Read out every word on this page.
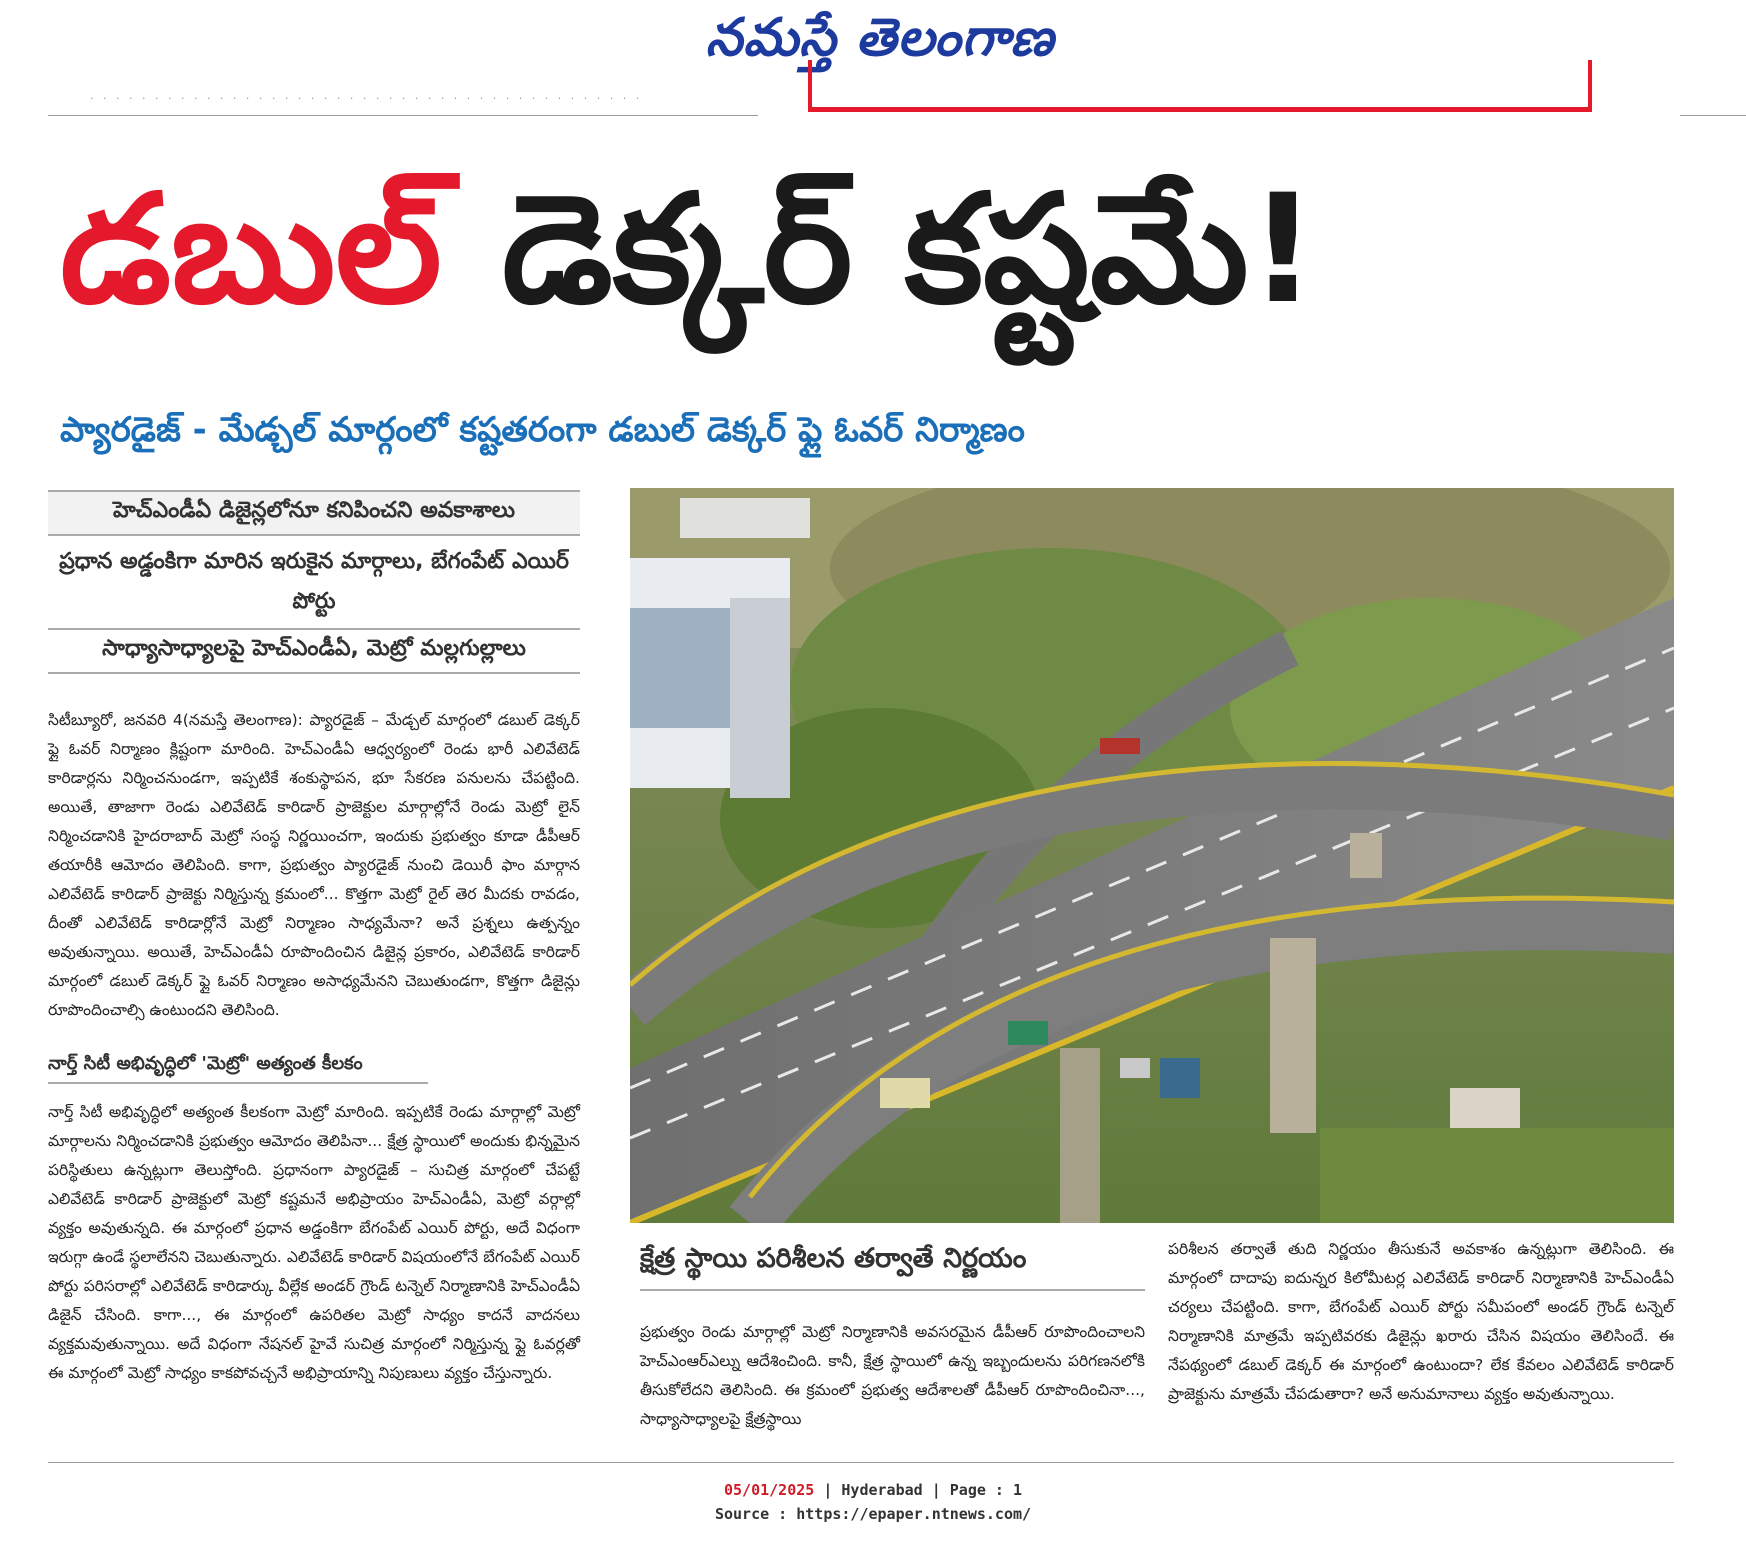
నమస్తే తెలంగాణ
· · · · · · · · · · · · · · · · · · · · · · · · · · · · · · · · · · · · · · · · · · ·
డబుల్ డెక్కర్ కష్టమే!
ప్యారడైజ్ - మేడ్చల్ మార్గంలో కష్టతరంగా డబుల్ డెక్కర్ ఫ్లై ఓవర్ నిర్మాణం
హెచ్ఎండీఏ డిజైన్లలోనూ కనిపించని అవకాశాలు
ప్రధాన అడ్డంకిగా మారిన ఇరుకైన మార్గాలు, బేగంపేట్ ఎయిర్ పోర్టు
సాధ్యాసాధ్యాలపై హెచ్ఎండీఏ, మెట్రో మల్లగుల్లాలు
సిటీబ్యూరో, జనవరి 4(నమస్తే తెలంగాణ): ప్యారడైజ్ – మేడ్చల్ మార్గంలో డబుల్ డెక్కర్ ఫ్లై ఓవర్ నిర్మాణం క్లిష్టంగా మారింది. హెచ్ఎండీఏ ఆధ్వర్యంలో రెండు భారీ ఎలివేటెడ్ కారిడార్లను నిర్మించనుండగా, ఇప్పటికే శంకుస్థాపన, భూ సేకరణ పనులను చేపట్టింది. అయితే, తాజాగా రెండు ఎలివేటెడ్ కారిడార్ ప్రాజెక్టుల మార్గాల్లోనే రెండు మెట్రో లైన్ నిర్మించడానికి హైదరాబాద్ మెట్రో సంస్థ నిర్ణయించగా, ఇందుకు ప్రభుత్వం కూడా డీపీఆర్ తయారీకి ఆమోదం తెలిపింది. కాగా, ప్రభుత్వం ప్యారడైజ్ నుంచి డెయిరీ ఫాం మార్గాన ఎలివేటెడ్ కారిడార్ ప్రాజెక్టు నిర్మిస్తున్న క్రమంలో... కొత్తగా మెట్రో రైల్ తెర మీదకు రావడం, దీంతో ఎలివేటెడ్ కారిడార్లోనే మెట్రో నిర్మాణం సాధ్యమేనా? అనే ప్రశ్నలు ఉత్పన్నం అవుతున్నాయి. అయితే, హెచ్ఎండీఏ రూపొందించిన డిజైన్ల ప్రకారం, ఎలివేటెడ్ కారిడార్ మార్గంలో డబుల్ డెక్కర్ ఫ్లై ఓవర్ నిర్మాణం అసాధ్యమేనని చెబుతుండగా, కొత్తగా డిజైన్లు రూపొందించాల్సి ఉంటుందని తెలిసింది.
నార్త్ సిటీ అభివృద్ధిలో 'మెట్రో' అత్యంత కీలకం
నార్త్ సిటీ అభివృద్ధిలో అత్యంత కీలకంగా మెట్రో మారింది. ఇప్పటికే రెండు మార్గాల్లో మెట్రో మార్గాలను నిర్మించడానికి ప్రభుత్వం ఆమోదం తెలిపినా... క్షేత్ర స్థాయిలో అందుకు భిన్నమైన పరిస్థితులు ఉన్నట్లుగా తెలుస్తోంది. ప్రధానంగా ప్యారడైజ్ – సుచిత్ర మార్గంలో చేపట్టే ఎలివేటెడ్ కారిడార్ ప్రాజెక్టులో మెట్రో కష్టమనే అభిప్రాయం హెచ్ఎండీఏ, మెట్రో వర్గాల్లో వ్యక్తం అవుతున్నది. ఈ మార్గంలో ప్రధాన అడ్డంకిగా బేగంపేట్ ఎయిర్ పోర్టు, అదే విధంగా ఇరుగ్గా ఉండే స్థలాలేనని చెబుతున్నారు. ఎలివేటెడ్ కారిడార్ విషయంలోనే బేగంపేట్ ఎయిర్ పోర్టు పరిసరాల్లో ఎలివేటెడ్ కారిడార్కు వీల్లేక అండర్ గ్రౌండ్ టన్నెల్ నిర్మాణానికి హెచ్ఎండీఏ డిజైన్ చేసింది. కాగా..., ఈ మార్గంలో ఉపరితల మెట్రో సాధ్యం కాదనే వాదనలు వ్యక్తమవుతున్నాయి. అదే విధంగా నేషనల్ హైవే సుచిత్ర మార్గంలో నిర్మిస్తున్న ఫ్లై ఓవర్లతో ఈ మార్గంలో మెట్రో సాధ్యం కాకపోవచ్చనే అభిప్రాయాన్ని నిపుణులు వ్యక్తం చేస్తున్నారు.
క్షేత్ర స్థాయి పరిశీలన తర్వాతే నిర్ణయం
ప్రభుత్వం రెండు మార్గాల్లో మెట్రో నిర్మాణానికి అవసరమైన డీపీఆర్ రూపొందించాలని హెచ్ఎంఆర్ఎల్ను ఆదేశించింది. కానీ, క్షేత్ర స్థాయిలో ఉన్న ఇబ్బందులను పరిగణనలోకి తీసుకోలేదని తెలిసింది. ఈ క్రమంలో ప్రభుత్వ ఆదేశాలతో డీపీఆర్ రూపొందించినా..., సాధ్యాసాధ్యాలపై క్షేత్రస్థాయి
పరిశీలన తర్వాతే తుది నిర్ణయం తీసుకునే అవకాశం ఉన్నట్లుగా తెలిసింది. ఈ మార్గంలో దాదాపు ఐదున్నర కిలోమీటర్ల ఎలివేటెడ్ కారిడార్ నిర్మాణానికి హెచ్ఎండీఏ చర్యలు చేపట్టింది. కాగా, బేగంపేట్ ఎయిర్ పోర్టు సమీపంలో అండర్ గ్రౌండ్ టన్నెల్ నిర్మాణానికి మాత్రమే ఇప్పటివరకు డిజైన్లు ఖరారు చేసిన విషయం తెలిసిందే. ఈ నేపథ్యంలో డబుల్ డెక్కర్ ఈ మార్గంలో ఉంటుందా? లేక కేవలం ఎలివేటెడ్ కారిడార్ ప్రాజెక్టును మాత్రమే చేపడుతారా? అనే అనుమానాలు వ్యక్తం అవుతున్నాయి.
05/01/2025 | Hyderabad | Page : 1
Source : https://epaper.ntnews.com/
